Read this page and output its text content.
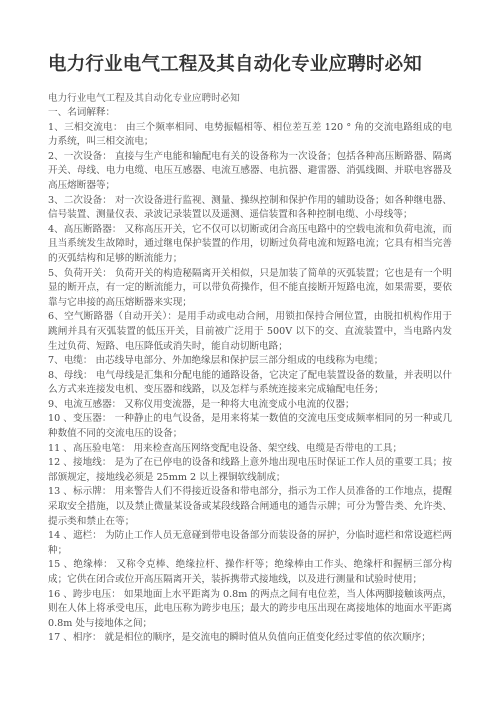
电力行业电气工程及其自动化专业应聘时必知

电力行业电气工程及其自动化专业应聘时必知

一、名词解释：

1、三相交流电： 由三个频率相同、电势振幅相等、相位差互差 120 ° 角的交流电路组成的电力系统，叫三相交流电；

2、一次设备： 直接与生产电能和输配电有关的设备称为一次设备；包括各种高压断路器、隔离开关、母线、电力电缆、电压互感器、电流互感器、电抗器、避雷器、消弧线圈、并联电容器及高压熔断器等；

3、二次设备： 对一次设备进行监视、测量、操纵控制和保护作用的辅助设备；如各种继电器、信号装置、测量仪表、录波记录装置以及遥测、遥信装置和各种控制电缆、小母线等；

4、高压断路器： 又称高压开关，它不仅可以切断或闭合高压电路中的空载电流和负荷电流，而且当系统发生故障时，通过继电保护装置的作用，切断过负荷电流和短路电流；它具有相当完善的灭弧结构和足够的断流能力；

5、负荷开关： 负荷开关的构造秘隔离开关相似，只是加装了简单的灭弧装置；它也是有一个明显的断开点，有一定的断流能力，可以带负荷操作，但不能直接断开短路电流，如果需要，要依靠与它串接的高压熔断器来实现；

6、空气断路器（自动开关）：是用手动或电动合闸，用锁扣保持合闸位置，由脱扣机构作用于跳闸并具有灭弧装置的低压开关，目前被广泛用于 500V 以下的交、直流装置中，当电路内发生过负荷、短路、电压降低或消失时，能自动切断电路；

7、电缆： 由芯线导电部分、外加绝缘层和保护层三部分组成的电线称为电缆；

8、母线： 电气母线是汇集和分配电能的通路设备，它决定了配电装置设备的数量，并表明以什么方式来连接发电机、变压器和线路，以及怎样与系统连接来完成输配电任务；

9、电流互感器： 又称仪用变流器，是一种将大电流变成小电流的仪器；

10 、变压器： 一种静止的电气设备，是用来将某一数值的交流电压变成频率相同的另一种或几种数值不同的交流电压的设备；

11 、高压验电笔： 用来检查高压网络变配电设备、架空线、电缆是否带电的工具；

12 、接地线： 是为了在已停电的设备和线路上意外地出现电压时保证工作人员的重要工具；按部颁规定，接地线必须是 25mm 2 以上裸铜软线制成；

13 、标示牌： 用来警告人们不得接近设备和带电部分，指示为工作人员准备的工作地点，提醒采取安全措施，以及禁止微量某设备或某段线路合闸通电的通告示牌；可分为警告类、允许类、提示类和禁止在等；

14 、遮栏： 为防止工作人员无意碰到带电设备部分而装设备的屏护，分临时遮栏和常设遮栏两种；

15 、绝缘棒： 又称令克棒、绝缘拉杆、操作杆等；绝缘棒由工作头、绝缘杆和握柄三部分构成；它供在闭合或位开高压隔离开关，装拆携带式接地线，以及进行测量和试验时使用；

16 、跨步电压： 如果地面上水平距离为 0.8m 的两点之间有电位差，当人体两脚接触该两点，则在人体上将承受电压，此电压称为跨步电压；最大的跨步电压出现在离接地体的地面水平距离 0.8m 处与接地体之间；

17 、相序： 就是相位的顺序，是交流电的瞬时值从负值向正值变化经过零值的依次顺序；
